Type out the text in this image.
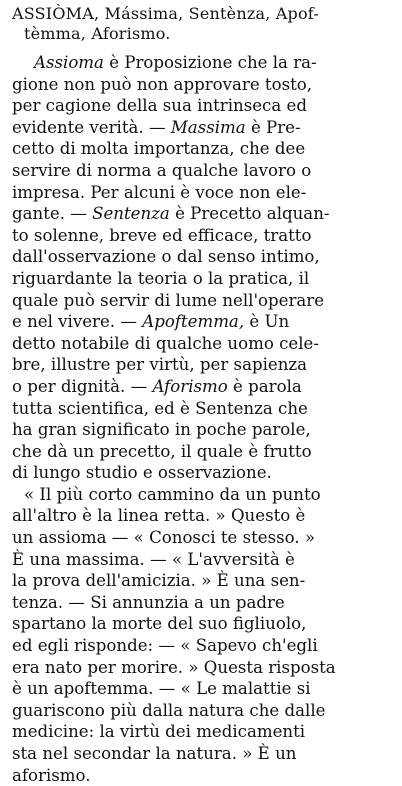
ASSIÒMA, Mássima, Sentènza, Apof-
tèmma, Aforismo.
Assioma è Proposizione che la ra-
gione non può non approvare tosto,
per cagione della sua intrinseca ed
evidente verità. — Massima è Pre-
cetto di molta importanza, che dee
servire di norma a qualche lavoro o
impresa. Per alcuni è voce non ele-
gante. — Sentenza è Precetto alquan-
to solenne, breve ed efficace, tratto
dall'osservazione o dal senso intimo,
riguardante la teoria o la pratica, il
quale può servir di lume nell'operare
e nel vivere. — Apoftemma, è Un
detto notabile di qualche uomo cele-
bre, illustre per virtù, per sapienza
o per dignità. — Aforismo è parola
tutta scientifica, ed è Sentenza che
ha gran significato in poche parole,
che dà un precetto, il quale è frutto
di lungo studio e osservazione.
« Il più corto cammino da un punto
all'altro è la linea retta. » Questo è
un assioma — « Conosci te stesso. »
È una massima. — « L'avversità è
la prova dell'amicizia. » È una sen-
tenza. — Si annunzia a un padre
spartano la morte del suo figliuolo,
ed egli risponde: — « Sapevo ch'egli
era nato per morire. » Questa risposta
è un apoftemma. — « Le malattie si
guariscono più dalla natura che dalle
medicine: la virtù dei medicamenti
sta nel secondar la natura. » È un
aforismo.
